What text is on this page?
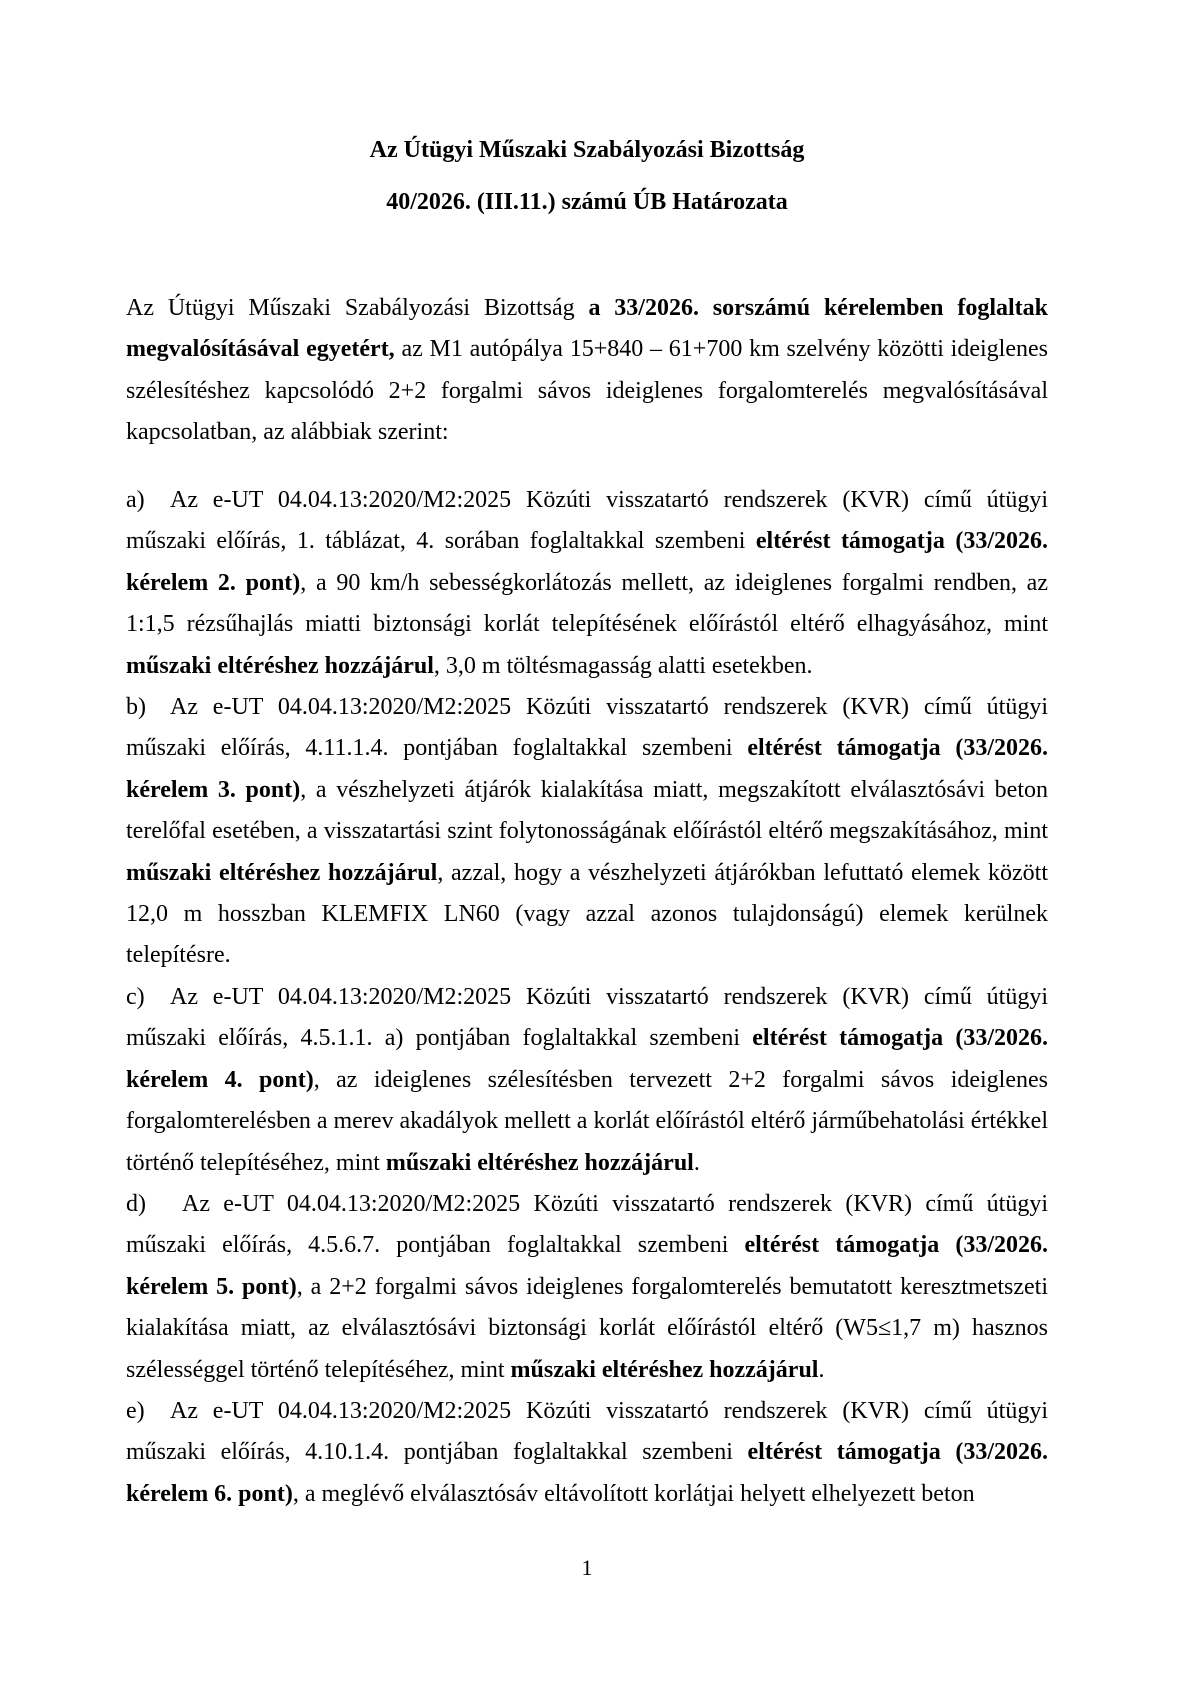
Az Útügyi Műszaki Szabályozási Bizottság
40/2026. (III.11.) számú ÚB Határozata

Az Útügyi Műszaki Szabályozási Bizottság a 33/2026. sorszámú kérelemben foglaltak megvalósításával egyetért, az M1 autópálya 15+840 – 61+700 km szelvény közötti ideiglenes szélesítéshez kapcsolódó 2+2 forgalmi sávos ideiglenes forgalomterelés megvalósításával kapcsolatban, az alábbiak szerint:

a) Az e-UT 04.04.13:2020/M2:2025 Közúti visszatartó rendszerek (KVR) című útügyi műszaki előírás, 1. táblázat, 4. sorában foglaltakkal szembeni eltérést támogatja (33/2026. kérelem 2. pont), a 90 km/h sebességkorlátozás mellett, az ideiglenes forgalmi rendben, az 1:1,5 rézsűhajlás miatti biztonsági korlát telepítésének előírástól eltérő elhagyásához, mint műszaki eltéréshez hozzájárul, 3,0 m töltésmagasság alatti esetekben.

b) Az e-UT 04.04.13:2020/M2:2025 Közúti visszatartó rendszerek (KVR) című útügyi műszaki előírás, 4.11.1.4. pontjában foglaltakkal szembeni eltérést támogatja (33/2026. kérelem 3. pont), a vészhelyzeti átjárók kialakítása miatt, megszakított elválasztósávi beton terelőfal esetében, a visszatartási szint folytonosságának előírástól eltérő megszakításához, mint műszaki eltéréshez hozzájárul, azzal, hogy a vészhelyzeti átjárókban lefuttató elemek között 12,0 m hosszban KLEMFIX LN60 (vagy azzal azonos tulajdonságú) elemek kerülnek telepítésre.

c) Az e-UT 04.04.13:2020/M2:2025 Közúti visszatartó rendszerek (KVR) című útügyi műszaki előírás, 4.5.1.1. a) pontjában foglaltakkal szembeni eltérést támogatja (33/2026. kérelem 4. pont), az ideiglenes szélesítésben tervezett 2+2 forgalmi sávos ideiglenes forgalomterelésben a merev akadályok mellett a korlát előírástól eltérő járműbehatolási értékkel történő telepítéséhez, mint műszaki eltéréshez hozzájárul.

d) Az e-UT 04.04.13:2020/M2:2025 Közúti visszatartó rendszerek (KVR) című útügyi műszaki előírás, 4.5.6.7. pontjában foglaltakkal szembeni eltérést támogatja (33/2026. kérelem 5. pont), a 2+2 forgalmi sávos ideiglenes forgalomterelés bemutatott keresztmetszeti kialakítása miatt, az elválasztósávi biztonsági korlát előírástól eltérő (W5≤1,7 m) hasznos szélességgel történő telepítéséhez, mint műszaki eltéréshez hozzájárul.

e) Az e-UT 04.04.13:2020/M2:2025 Közúti visszatartó rendszerek (KVR) című útügyi műszaki előírás, 4.10.1.4. pontjában foglaltakkal szembeni eltérést támogatja (33/2026. kérelem 6. pont), a meglévő elválasztósáv eltávolított korlátjai helyett elhelyezett beton

1
